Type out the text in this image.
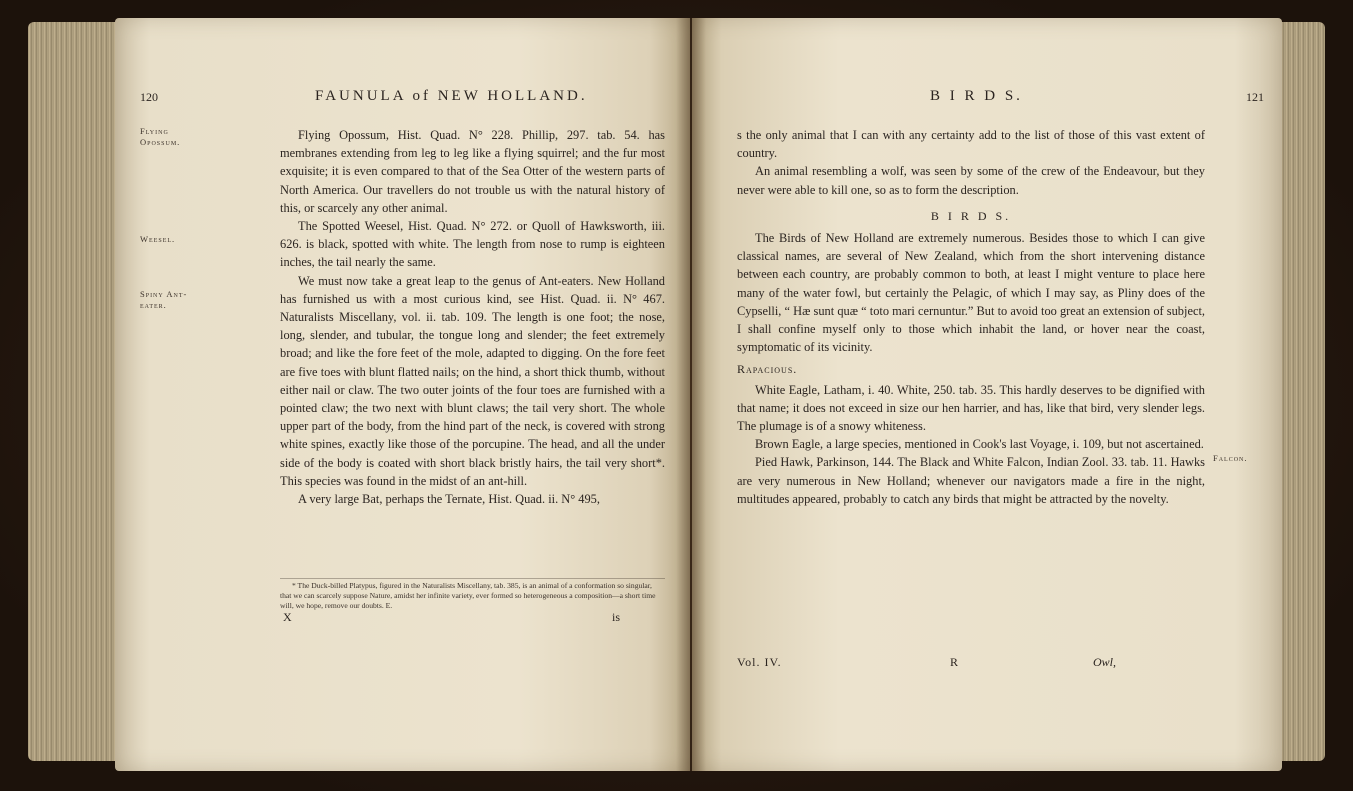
120	FAUNULA of NEW HOLLAND.
Flying Opossum.
Weesel.
Spiny Ant-eater.

Flying Opossum, Hist. Quad. N° 228. Phillip, 297. tab. 54. has membranes extending from leg to leg like a flying squirrel; and the fur most exquisite; it is even compared to that of the Sea Otter of the western parts of North America. Our travellers do not trouble us with the natural history of this, or scarcely any other animal.

The Spotted Weesel, Hist. Quad. N° 272. or Quoll of Hawksworth, iii. 626. is black, spotted with white. The length from nose to rump is eighteen inches, the tail nearly the same.

We must now take a great leap to the genus of Ant-eaters. New Holland has furnished us with a most curious kind, see Hist. Quad. ii. N° 467. Naturalists Miscellany, vol. ii. tab. 109. The length is one foot; the nose, long, slender, and tubular, the tongue long and slender; the feet extremely broad; and like the fore feet of the mole, adapted to digging. On the fore feet are five toes with blunt flatted nails; on the hind, a short thick thumb, without either nail or claw. The two outer joints of the four toes are furnished with a pointed claw; the two next with blunt claws; the tail very short. The whole upper part of the body, from the hind part of the neck, is covered with strong white spines, exactly like those of the porcupine. The head, and all the under side of the body is coated with short black bristly hairs, the tail very short*. This species was found in the midst of an ant-hill.

A very large Bat, perhaps the Ternate, Hist. Quad. ii. N° 495,

* The Duck-billed Platypus, figured in the Naturalists Miscellany, tab. 385, is an animal of a conformation so singular, that we can scarcely suppose Nature, amidst her infinite variety, ever formed so heterogeneous a composition—a short time will, we hope, remove our doubts. E.
X	is
B I R D S.	121
Falcon.

s the only animal that I can with any certainty add to the list of those of this vast extent of country.

An animal resembling a wolf, was seen by some of the crew of the Endeavour, but they never were able to kill one, so as to form the description.

B I R D S.

The Birds of New Holland are extremely numerous. Besides those to which I can give classical names, are several of New Zealand, which from the short intervening distance between each country, are probably common to both, at least I might venture to place here many of the water fowl, but certainly the Pelagic, of which I may say, as Pliny does of the Cypselli, “ Hæ sunt quæ “ toto mari cernuntur.” But to avoid too great an extension of subject, I shall confine myself only to those which inhabit the land, or hover near the coast, symptomatic of its vicinity.

Rapacious.

White Eagle, Latham, i. 40. White, 250. tab. 35. This hardly deserves to be dignified with that name; it does not exceed in size our hen harrier, and has, like that bird, very slender legs. The plumage is of a snowy whiteness.

Brown Eagle, a large species, mentioned in Cook's last Voyage, i. 109, but not ascertained.

Pied Hawk, Parkinson, 144. The Black and White Falcon, Indian Zool. 33. tab. 11. Hawks are very numerous in New Holland; whenever our navigators made a fire in the night, multitudes appeared, probably to catch any birds that might be attracted by the novelty.

Vol. IV.	R	Owl,
